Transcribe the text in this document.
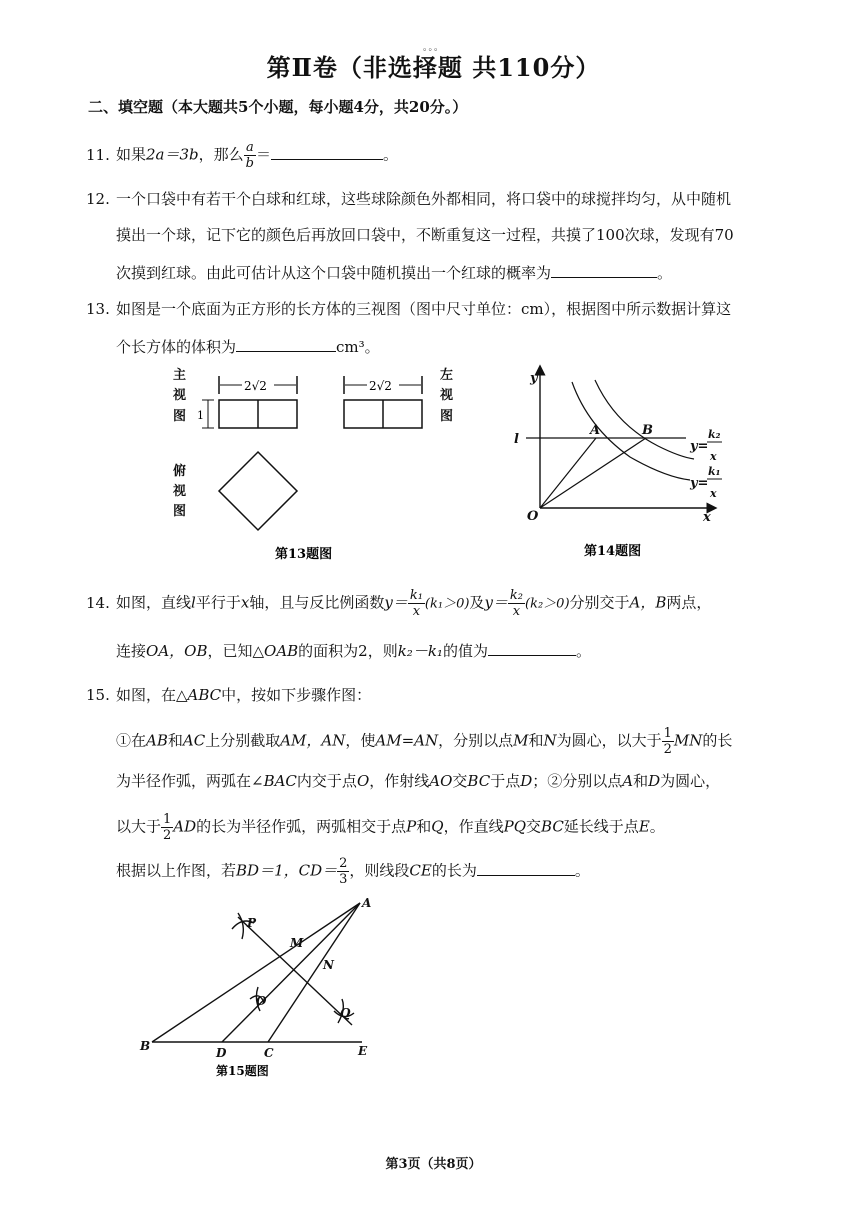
。。。
第Ⅱ卷（非选择题 共110分）
二、填空题（本大题共5个小题，每小题4分，共20分。）
11. 如果2a＝3b，那么 $\frac{a}{b}$ ＝	。
12. 一个口袋中有若干个白球和红球，这些球除颜色外都相同，将口袋中的球搅拌均匀，从中随机
摸出一个球，记下它的颜色后再放回口袋中，不断重复这一过程，共摸了100次球，发现有70
次摸到红球。由此可估计从这个口袋中随机摸出一个红球的概率为	。
13. 如图是一个底面为正方形的长方体的三视图（图中尺寸单位：cm），根据图中所示数据计算这
个长方体的体积为	cm³。
主
视
图
左
视
图
俯
视
图
2√2
1
2√2
第13题图
y
x
O
l
A	B
y=
k₂
x
y=
k₁
x
第14题图
14. 如图，直线l平行于x轴，且与反比例函数$y= \frac{\text{k₁}}{x} (k_1>0)$及$y= \frac{\text{k₂}}{x} (k_2>0)$分别交于A，B两点，
连接OA，OB，已知△OAB的面积为2，则k₂－k₁的值为	。
15. 如图，在△ABC中，按如下步骤作图：
①在AB和AC上分别截取AM，AN，使AM=AN，分别以点M和N为圆心，以大于 $\frac{1}{2}$ MN的长
为半径作弧，两弧在∠BAC内交于点O，作射线AO交BC于点D；②分别以点A和D为圆心，
以大于 $\frac{1}{2}$ AD的长为半径作弧，两弧相交于点P和Q，作直线PQ交BC延长线于点E。
根据以上作图，若BD＝1，$CD= \frac{2}{3}$ ，则线段CE的长为	。
A
B	C
D	E
M
N
O
P
Q
第15题图
第3页（共8页）
